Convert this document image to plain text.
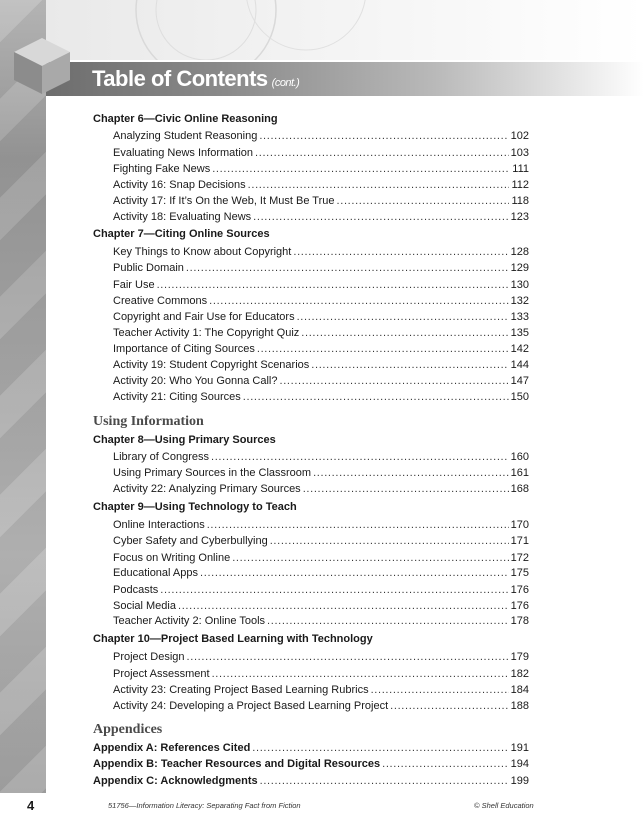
Table of Contents (cont.)
Chapter 6—Civic Online Reasoning
Analyzing Student Reasoning . . .	102
Evaluating News Information . . .	103
Fighting Fake News . . .	111
Activity 16: Snap Decisions . . .	112
Activity 17: If It’s On the Web, It Must Be True . . .	118
Activity 18: Evaluating News . . .	123
Chapter 7—Citing Online Sources
Key Things to Know about Copyright . . .	128
Public Domain . . .	129
Fair Use . . .	130
Creative Commons . . .	132
Copyright and Fair Use for Educators . . .	133
Teacher Activity 1: The Copyright Quiz . . .	135
Importance of Citing Sources . . .	142
Activity 19: Student Copyright Scenarios . . .	144
Activity 20: Who You Gonna Call? . . .	147
Activity 21: Citing Sources . . .	150
Using Information
Chapter 8—Using Primary Sources
Library of Congress . . .	160
Using Primary Sources in the Classroom . . .	161
Activity 22: Analyzing Primary Sources . . .	168
Chapter 9—Using Technology to Teach
Online Interactions . . .	170
Cyber Safety and Cyberbullying . . .	171
Focus on Writing Online . . .	172
Educational Apps . . .	175
Podcasts . . .	176
Social Media . . .	176
Teacher Activity 2: Online Tools . . .	178
Chapter 10—Project Based Learning with Technology
Project Design . . .	179
Project Assessment . . .	182
Activity 23: Creating Project Based Learning Rubrics . . .	184
Activity 24: Developing a Project Based Learning Project . . .	188
Appendices
Appendix A: References Cited . . .	191
Appendix B: Teacher Resources and Digital Resources . . .	194
Appendix C: Acknowledgments . . .	199
4	51756—Information Literacy: Separating Fact from Fiction	© Shell Education
